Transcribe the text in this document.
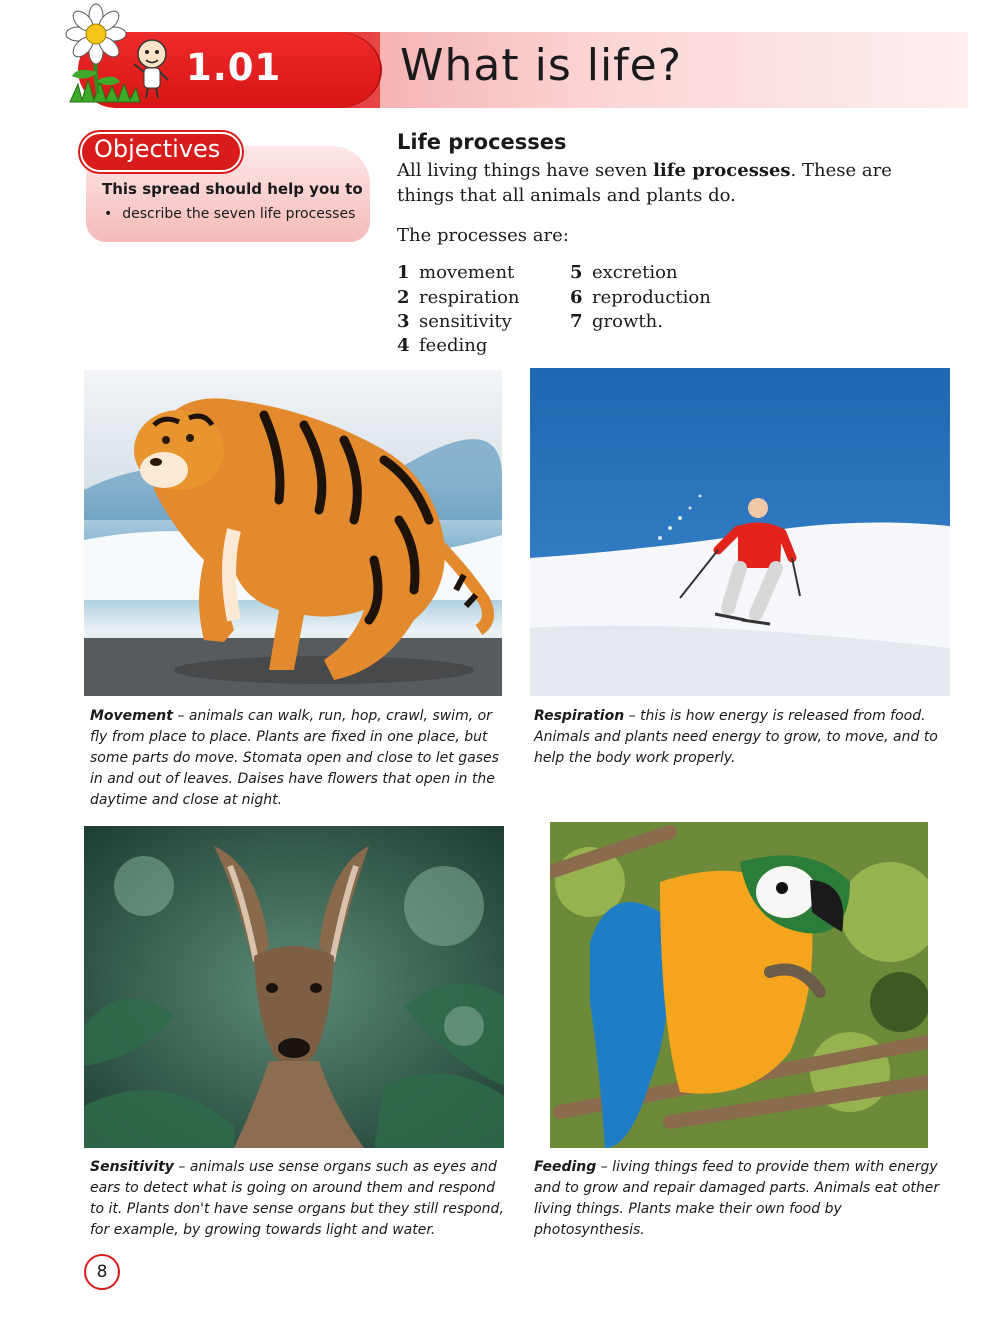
1.01	What is life?
Objectives
This spread should help you to
• describe the seven life processes
Life processes
All living things have seven life processes. These are things that all animals and plants do.
The processes are:
1 movement
2 respiration
3 sensitivity
4 feeding
5 excretion
6 reproduction
7 growth.
Movement – animals can walk, run, hop, crawl, swim, or fly from place to place. Plants are fixed in one place, but some parts do move. Stomata open and close to let gases in and out of leaves. Daises have flowers that open in the daytime and close at night.
Respiration – this is how energy is released from food. Animals and plants need energy to grow, to move, and to help the body work properly.
Sensitivity – animals use sense organs such as eyes and ears to detect what is going on around them and respond to it. Plants don't have sense organs but they still respond, for example, by growing towards light and water.
Feeding – living things feed to provide them with energy and to grow and repair damaged parts. Animals eat other living things. Plants make their own food by photosynthesis.
8
